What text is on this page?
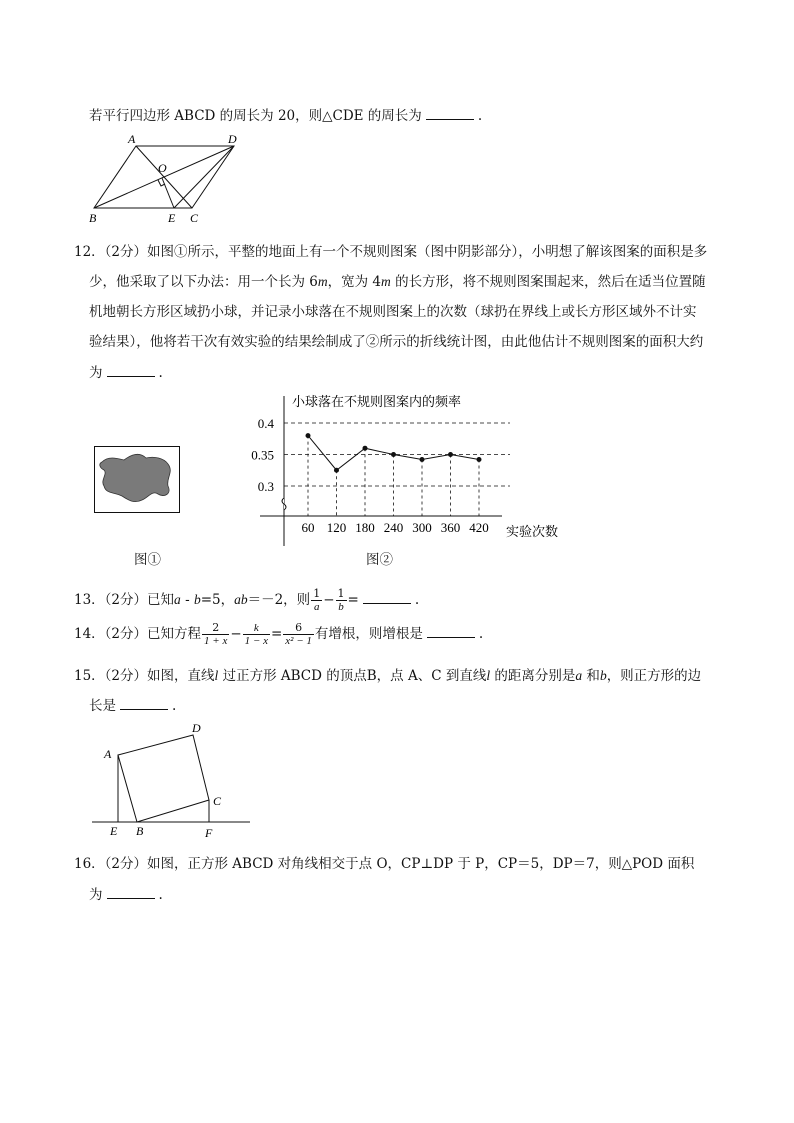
若平行四边形 ABCD 的周长为 20，则△CDE 的周长为	.
A	D
O
B	E C
12．（2分）如图①所示，平整的地面上有一个不规则图案（图中阴影部分），小明想了解该图案的面积是多
少，他采取了以下办法：用一个长为 6m，宽为 4m 的长方形，将不规则图案围起来，然后在适当位置随
机地朝长方形区域扔小球，并记录小球落在不规则图案上的次数（球扔在界线上或长方形区域外不计实
验结果），他将若干次有效实验的结果绘制成了②所示的折线统计图，由此他估计不规则图案的面积大约
为	.
图①
小球落在不规则图案内的频率
实验次数
0.3
0.35
0.4
60 120 180 240 300 360 420
图②
13．（2分）已知a - b=5，ab＝－2，则 $\frac{1}{a} - \frac{1}{b}$ =	.
14．（2分）已知方程 $\frac{2}{1 + x} - \frac{k}{1 - x} = \frac{6}{\text{x² − 1}}$ 有增根，则增根是	.
15．（2分）如图，直线l 过正方形 ABCD 的顶点B，点 A、C 到直线l 的距离分别是a 和b，则正方形的边
长是	.
A
D
C
E B	F
16．（2分）如图，正方形 ABCD 对角线相交于点 O，CP⊥DP 于 P，CP＝5，DP＝7，则△POD 面积
为	.
